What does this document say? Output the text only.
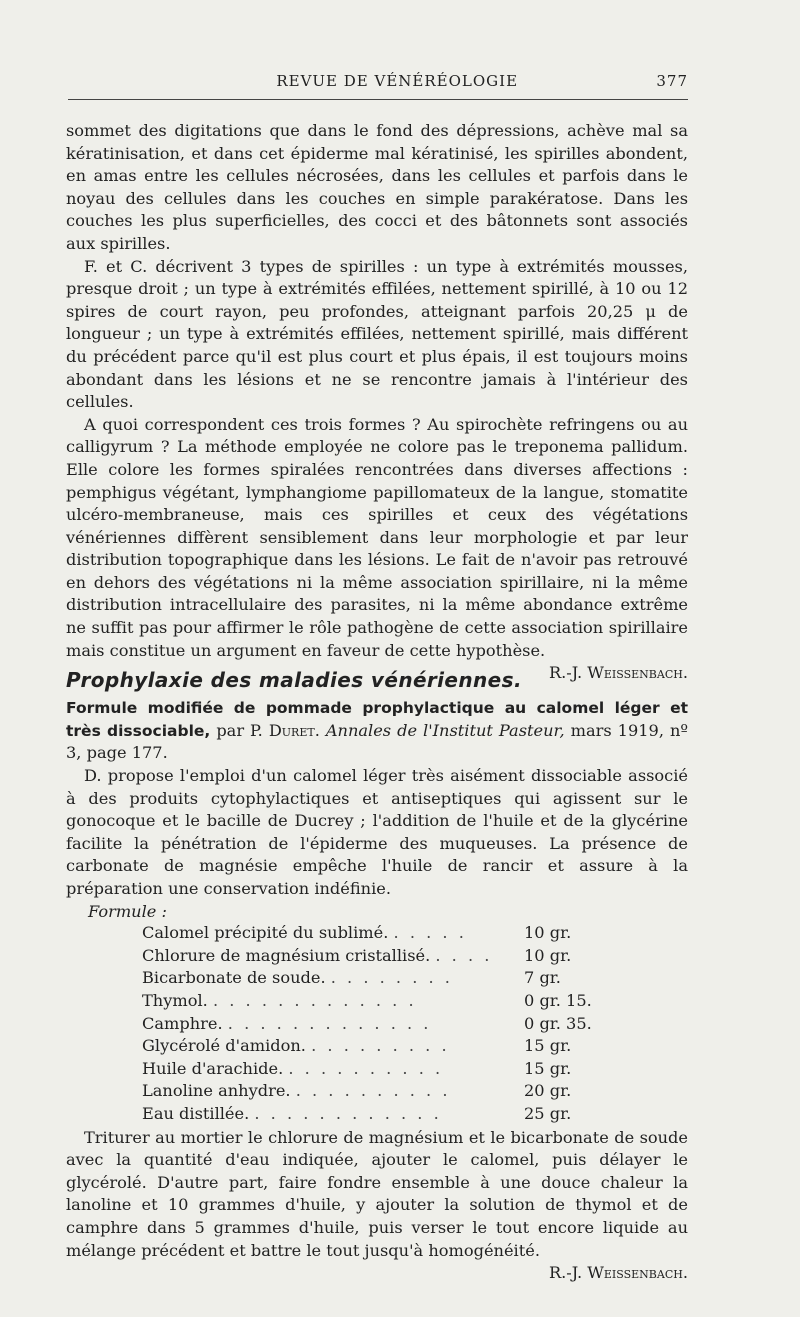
REVUE DE VÉNÉRÉOLOGIE	377

sommet des digitations que dans le fond des dépressions, achève mal sa kératinisation, et dans cet épiderme mal kératinisé, les spirilles abondent, en amas entre les cellules nécrosées, dans les cellules et parfois dans le noyau des cellules dans les couches en simple parakératose. Dans les couches les plus superficielles, des cocci et des bâtonnets sont associés aux spirilles.

F. et C. décrivent 3 types de spirilles : un type à extrémités mousses, presque droit ; un type à extrémités effilées, nettement spirillé, à 10 ou 12 spires de court rayon, peu profondes, atteignant parfois 20,25 μ de longueur ; un type à extrémités effilées, nettement spirillé, mais différent du précédent parce qu'il est plus court et plus épais, il est toujours moins abondant dans les lésions et ne se rencontre jamais à l'intérieur des cellules.

A quoi correspondent ces trois formes ? Au spirochète refringens ou au calligyrum ? La méthode employée ne colore pas le treponema pallidum. Elle colore les formes spiralées rencontrées dans diverses affections : pemphigus végétant, lymphangiome papillomateux de la langue, stomatite ulcéro-membraneuse, mais ces spirilles et ceux des végétations vénériennes diffèrent sensiblement dans leur morphologie et par leur distribution topographique dans les lésions. Le fait de n'avoir pas retrouvé en dehors des végétations ni la même association spirillaire, ni la même distribution intracellulaire des parasites, ni la même abondance extrême ne suffit pas pour affirmer le rôle pathogène de cette association spirillaire mais constitue un argument en faveur de cette hypothèse.
R.-J. Weissenbach.

Prophylaxie des maladies vénériennes.
Formule modifiée de pommade prophylactique au calomel léger et très dissociable, par P. Duret. Annales de l'Institut Pasteur, mars 1919, nº 3, page 177.

D. propose l'emploi d'un calomel léger très aisément dissociable associé à des produits cytophylactiques et antiseptiques qui agissent sur le gonocoque et le bacille de Ducrey ; l'addition de l'huile et de la glycérine facilite la pénétration de l'épiderme des muqueuses. La présence de carbonate de magnésie empêche l'huile de rancir et assure à la préparation une conservation indéfinie.

Formule :
Calomel précipité du sublimé. . . . . .	10 gr.
Chlorure de magnésium cristallisé. . . . .	10 gr.
Bicarbonate de soude. . . . . . . . .	7 gr.
Thymol. . . . . . . . . . . . . .	0 gr. 15.
Camphre. . . . . . . . . . . . . .	0 gr. 35.
Glycérolé d'amidon. . . . . . . . . .	15 gr.
Huile d'arachide. . . . . . . . . . .	15 gr.
Lanoline anhydre. . . . . . . . . . .	20 gr.
Eau distillée. . . . . . . . . . . . .	25 gr.

Triturer au mortier le chlorure de magnésium et le bicarbonate de soude avec la quantité d'eau indiquée, ajouter le calomel, puis délayer le glycérolé. D'autre part, faire fondre ensemble à une douce chaleur la lanoline et 10 grammes d'huile, y ajouter la solution de thymol et de camphre dans 5 grammes d'huile, puis verser le tout encore liquide au mélange précédent et battre le tout jusqu'à homogénéité.
R.-J. Weissenbach.
